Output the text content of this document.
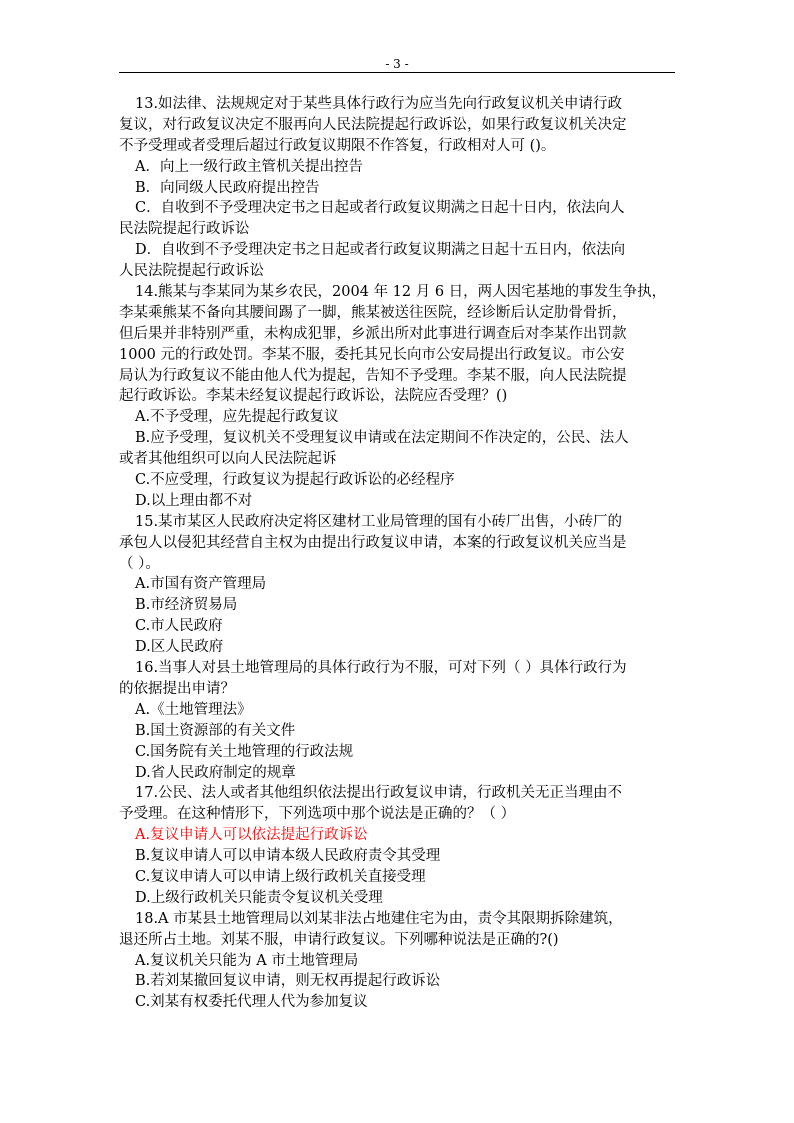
- 3 -
13.如法律、法规规定对于某些具体行政行为应当先向行政复议机关申请行政
复议，对行政复议决定不服再向人民法院提起行政诉讼，如果行政复议机关决定
不予受理或者受理后超过行政复议期限不作答复，行政相对人可 ()。
A．向上一级行政主管机关提出控告
B．向同级人民政府提出控告
C．自收到不予受理决定书之日起或者行政复议期满之日起十日内，依法向人
民法院提起行政诉讼
D．自收到不予受理决定书之日起或者行政复议期满之日起十五日内，依法向
人民法院提起行政诉讼
14.熊某与李某同为某乡农民，2004 年 12 月 6 日，两人因宅基地的事发生争执，
李某乘熊某不备向其腰间踢了一脚，熊某被送往医院，经诊断后认定肋骨骨折，
但后果并非特别严重，未构成犯罪，乡派出所对此事进行调查后对李某作出罚款
1000 元的行政处罚。李某不服，委托其兄长向市公安局提出行政复议。市公安
局认为行政复议不能由他人代为提起，告知不予受理。李某不服，向人民法院提
起行政诉讼。李某未经复议提起行政诉讼，法院应否受理？()
A.不予受理，应先提起行政复议
B.应予受理，复议机关不受理复议申请或在法定期间不作决定的，公民、法人
或者其他组织可以向人民法院起诉
C.不应受理，行政复议为提起行政诉讼的必经程序
D.以上理由都不对
15.某市某区人民政府决定将区建材工业局管理的国有小砖厂出售，小砖厂的
承包人以侵犯其经营自主权为由提出行政复议申请，本案的行政复议机关应当是
（ ）。
A.市国有资产管理局
B.市经济贸易局
C.市人民政府
D.区人民政府
16.当事人对县土地管理局的具体行政行为不服，可对下列（ ）具体行政行为
的依据提出申请？
A.《土地管理法》
B.国土资源部的有关文件
C.国务院有关土地管理的行政法规
D.省人民政府制定的规章
17.公民、法人或者其他组织依法提出行政复议申请，行政机关无正当理由不
予受理。在这种情形下，下列选项中那个说法是正确的？（ ）
A.复议申请人可以依法提起行政诉讼
B.复议申请人可以申请本级人民政府责令其受理
C.复议申请人可以申请上级行政机关直接受理
D.上级行政机关只能责令复议机关受理
18.A 市某县土地管理局以刘某非法占地建住宅为由，责令其限期拆除建筑，
退还所占土地。刘某不服，申请行政复议。下列哪种说法是正确的?()
A.复议机关只能为 A 市土地管理局
B.若刘某撤回复议申请，则无权再提起行政诉讼
C.刘某有权委托代理人代为参加复议
